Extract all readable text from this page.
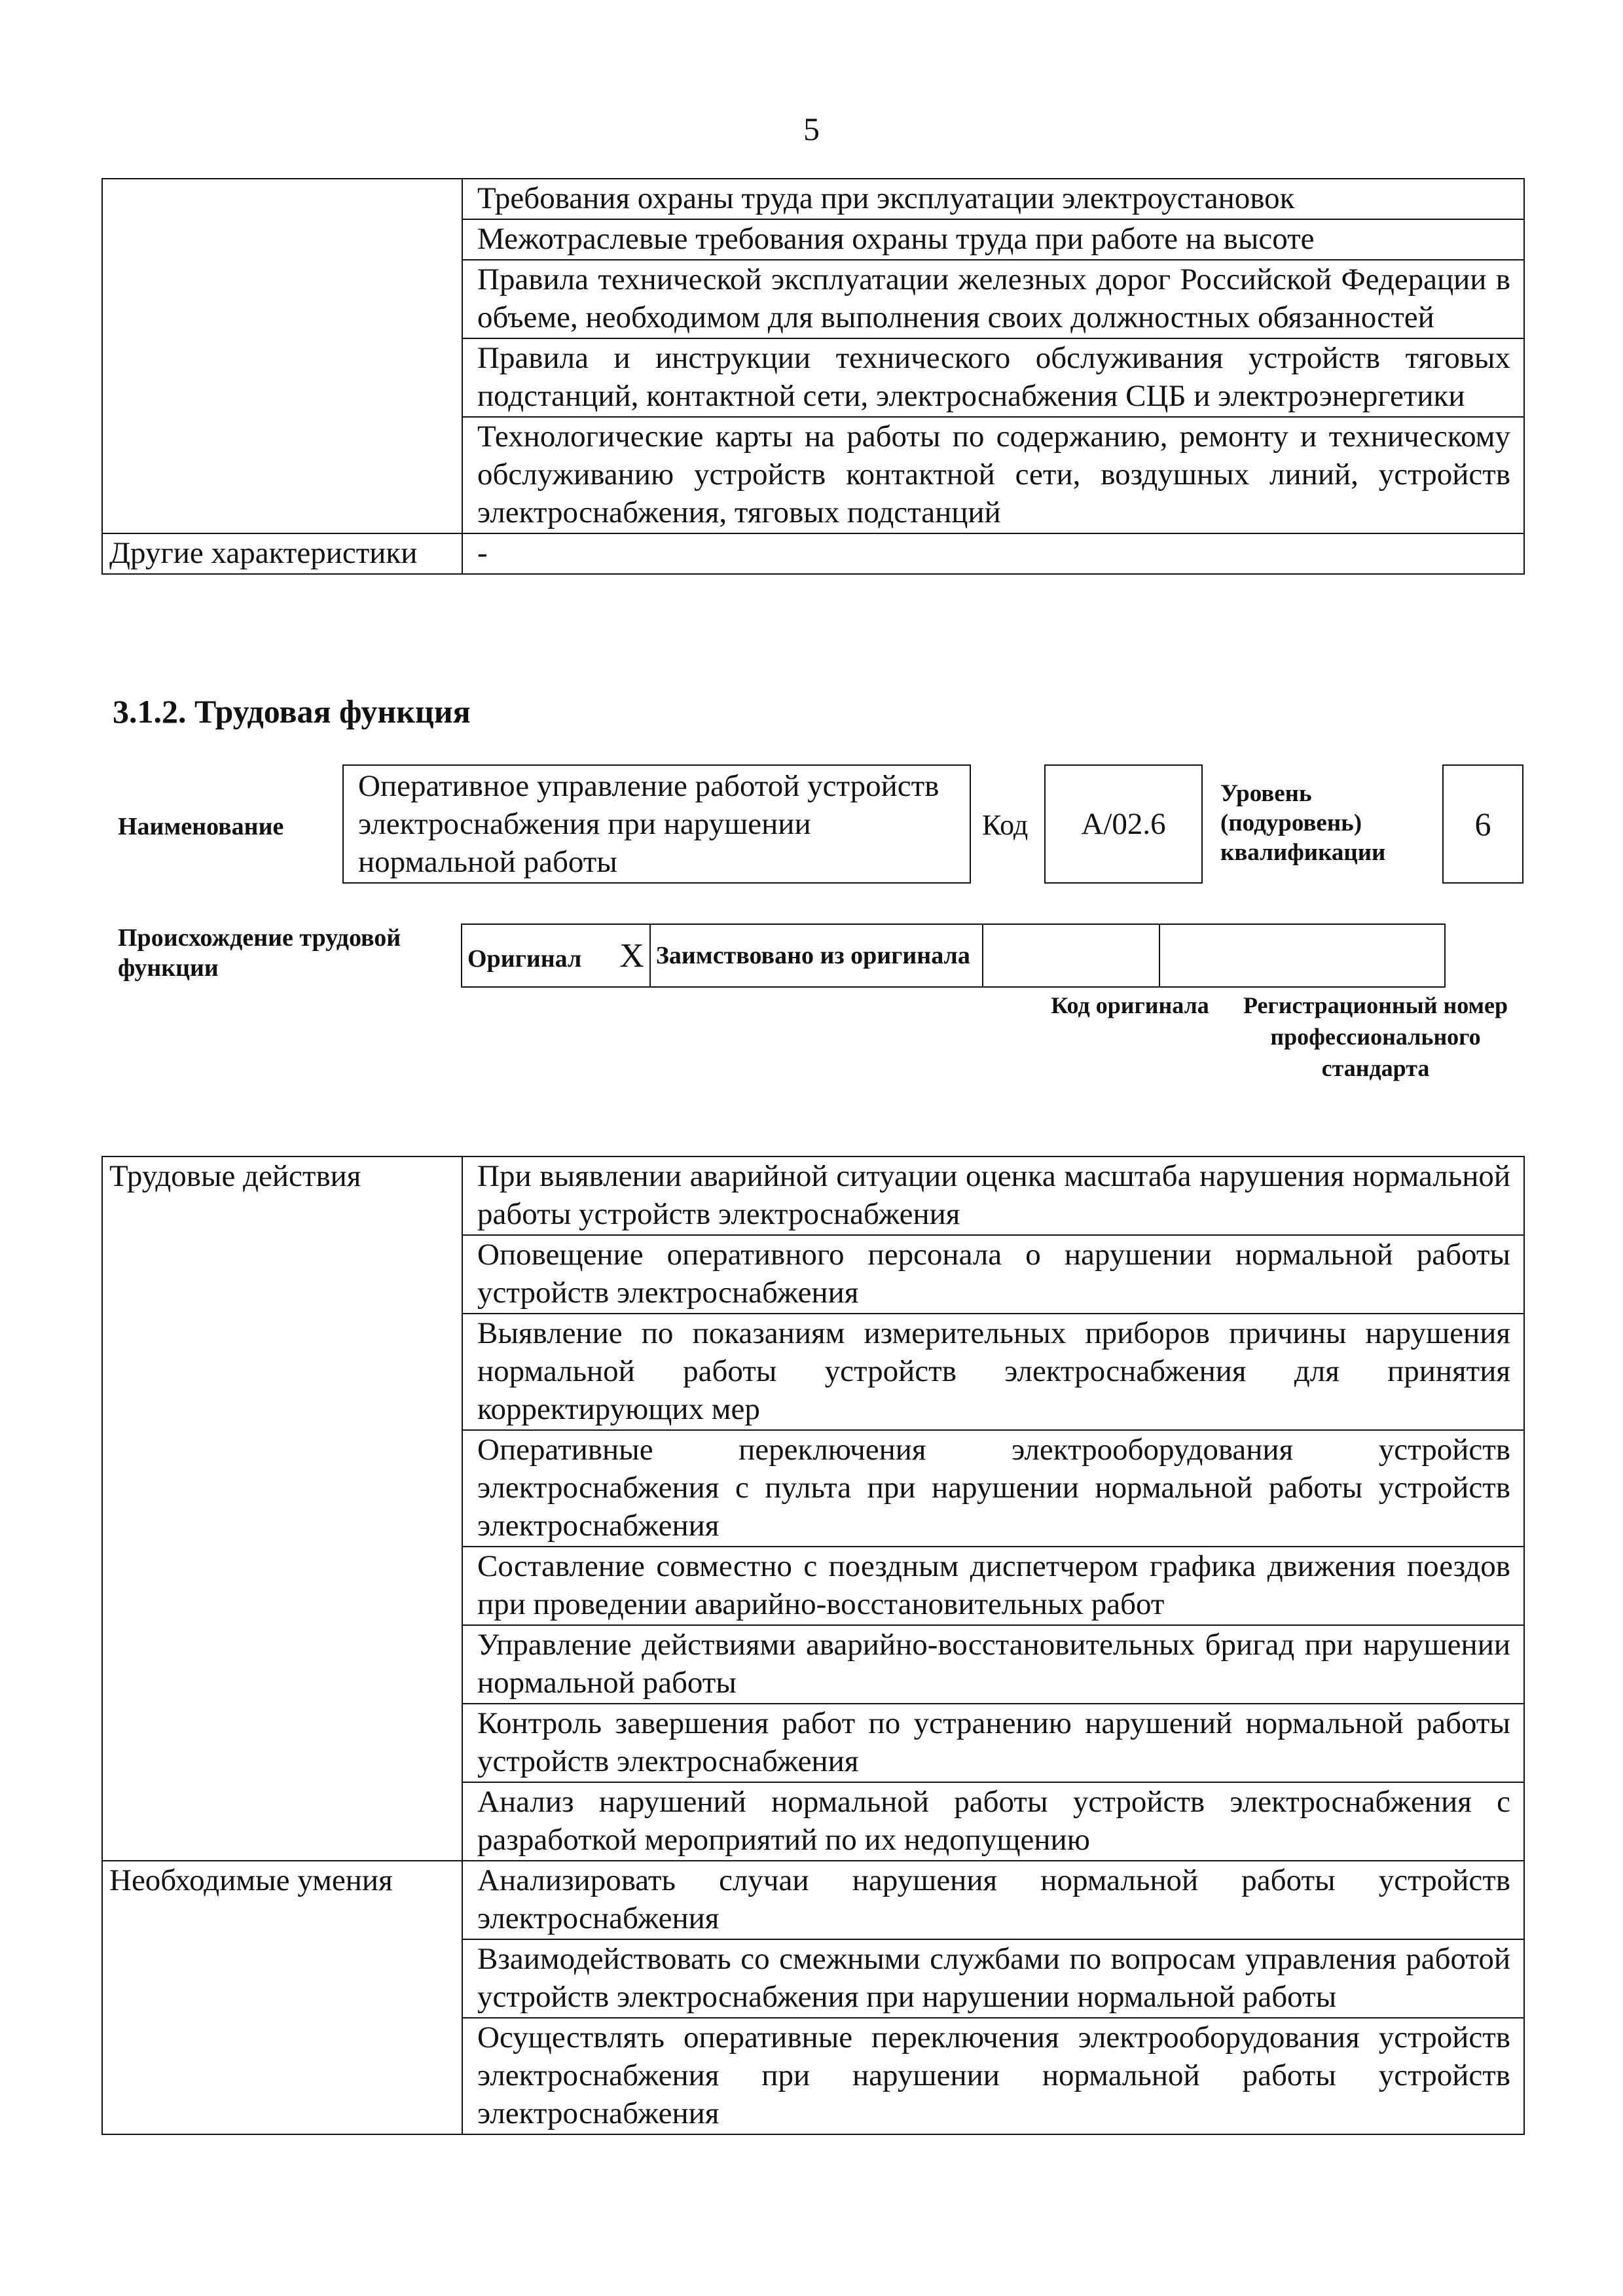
5
	Требования охраны труда при эксплуатации электроустановок
	Межотраслевые требования охраны труда при работе на высоте
	Правила технической эксплуатации железных дорог Российской Федерации в объеме, необходимом для выполнения своих должностных обязанностей
	Правила и инструкции технического обслуживания устройств тяговых подстанций, контактной сети, электроснабжения СЦБ и электроэнергетики
	Технологические карты на работы по содержанию, ремонту и техническому обслуживанию устройств контактной сети, воздушных линий, устройств электроснабжения, тяговых подстанций
Другие характеристики	-
3.1.2. Трудовая функция
Наименование
Оперативное управление работой устройств электроснабжения при нарушении нормальной работы
Код	A/02.6
Уровень (подуровень) квалификации
6
Происхождение трудовой функции	Оригинал X	Заимствовано из оригинала		
Код оригинала	Регистрационный номер профессионального стандарта
Трудовые действия	При выявлении аварийной ситуации оценка масштаба нарушения нормальной работы устройств электроснабжения
	Оповещение оперативного персонала о нарушении нормальной работы устройств электроснабжения
	Выявление по показаниям измерительных приборов причины нарушения нормальной работы устройств электроснабжения для принятия корректирующих мер
	Оперативные переключения электрооборудования устройств электроснабжения с пульта при нарушении нормальной работы устройств электроснабжения
	Составление совместно с поездным диспетчером графика движения поездов при проведении аварийно-восстановительных работ
	Управление действиями аварийно-восстановительных бригад при нарушении нормальной работы
	Контроль завершения работ по устранению нарушений нормальной работы устройств электроснабжения
	Анализ нарушений нормальной работы устройств электроснабжения с разработкой мероприятий по их недопущению
Необходимые умения	Анализировать случаи нарушения нормальной работы устройств электроснабжения
	Взаимодействовать со смежными службами по вопросам управления работой устройств электроснабжения при нарушении нормальной работы
	Осуществлять оперативные переключения электрооборудования устройств электроснабжения при нарушении нормальной работы устройств электроснабжения
